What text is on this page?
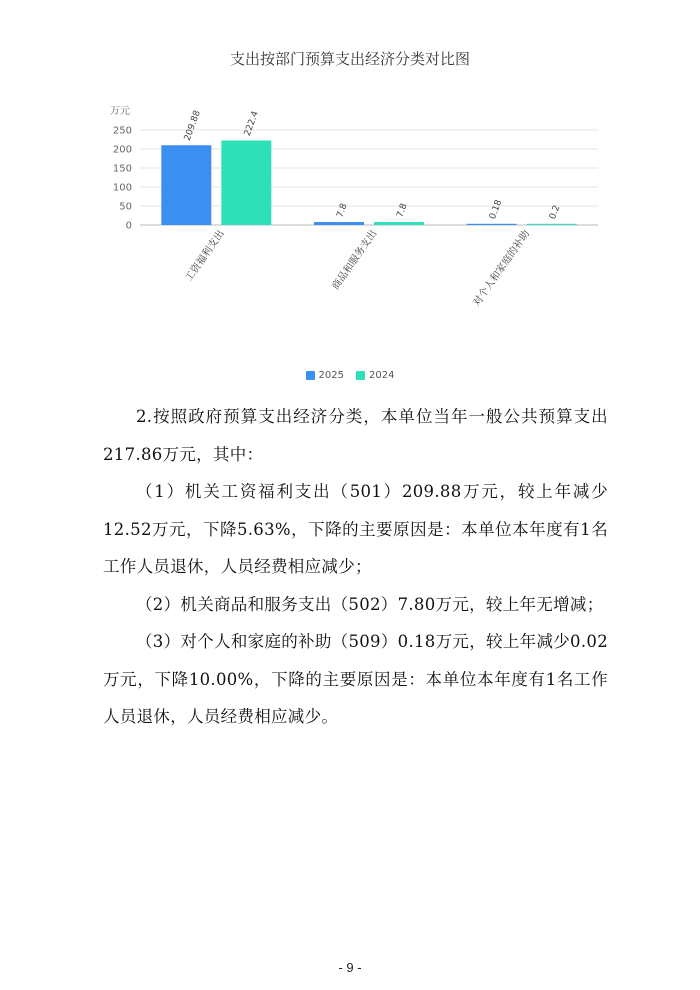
支出按部门预算支出经济分类对比图
万元
0
50
100
150
200
250	209.88	222.4
工资福利支出
7.8	7.8
商品和服务支出
0.18	0.2
对个人和家庭的补助
2025	2024

2.按照政府预算支出经济分类，本单位当年一般公共预算支出217.86万元，其中：

（1）机关工资福利支出（501）209.88万元，较上年减少12.52万元，下降5.63%，下降的主要原因是：本单位本年度有1名工作人员退休，人员经费相应减少；

（2）机关商品和服务支出（502）7.80万元，较上年无增减；

（3）对个人和家庭的补助（509）0.18万元，较上年减少0.02万元，下降10.00%，下降的主要原因是：本单位本年度有1名工作人员退休，人员经费相应减少。

- 9 -
